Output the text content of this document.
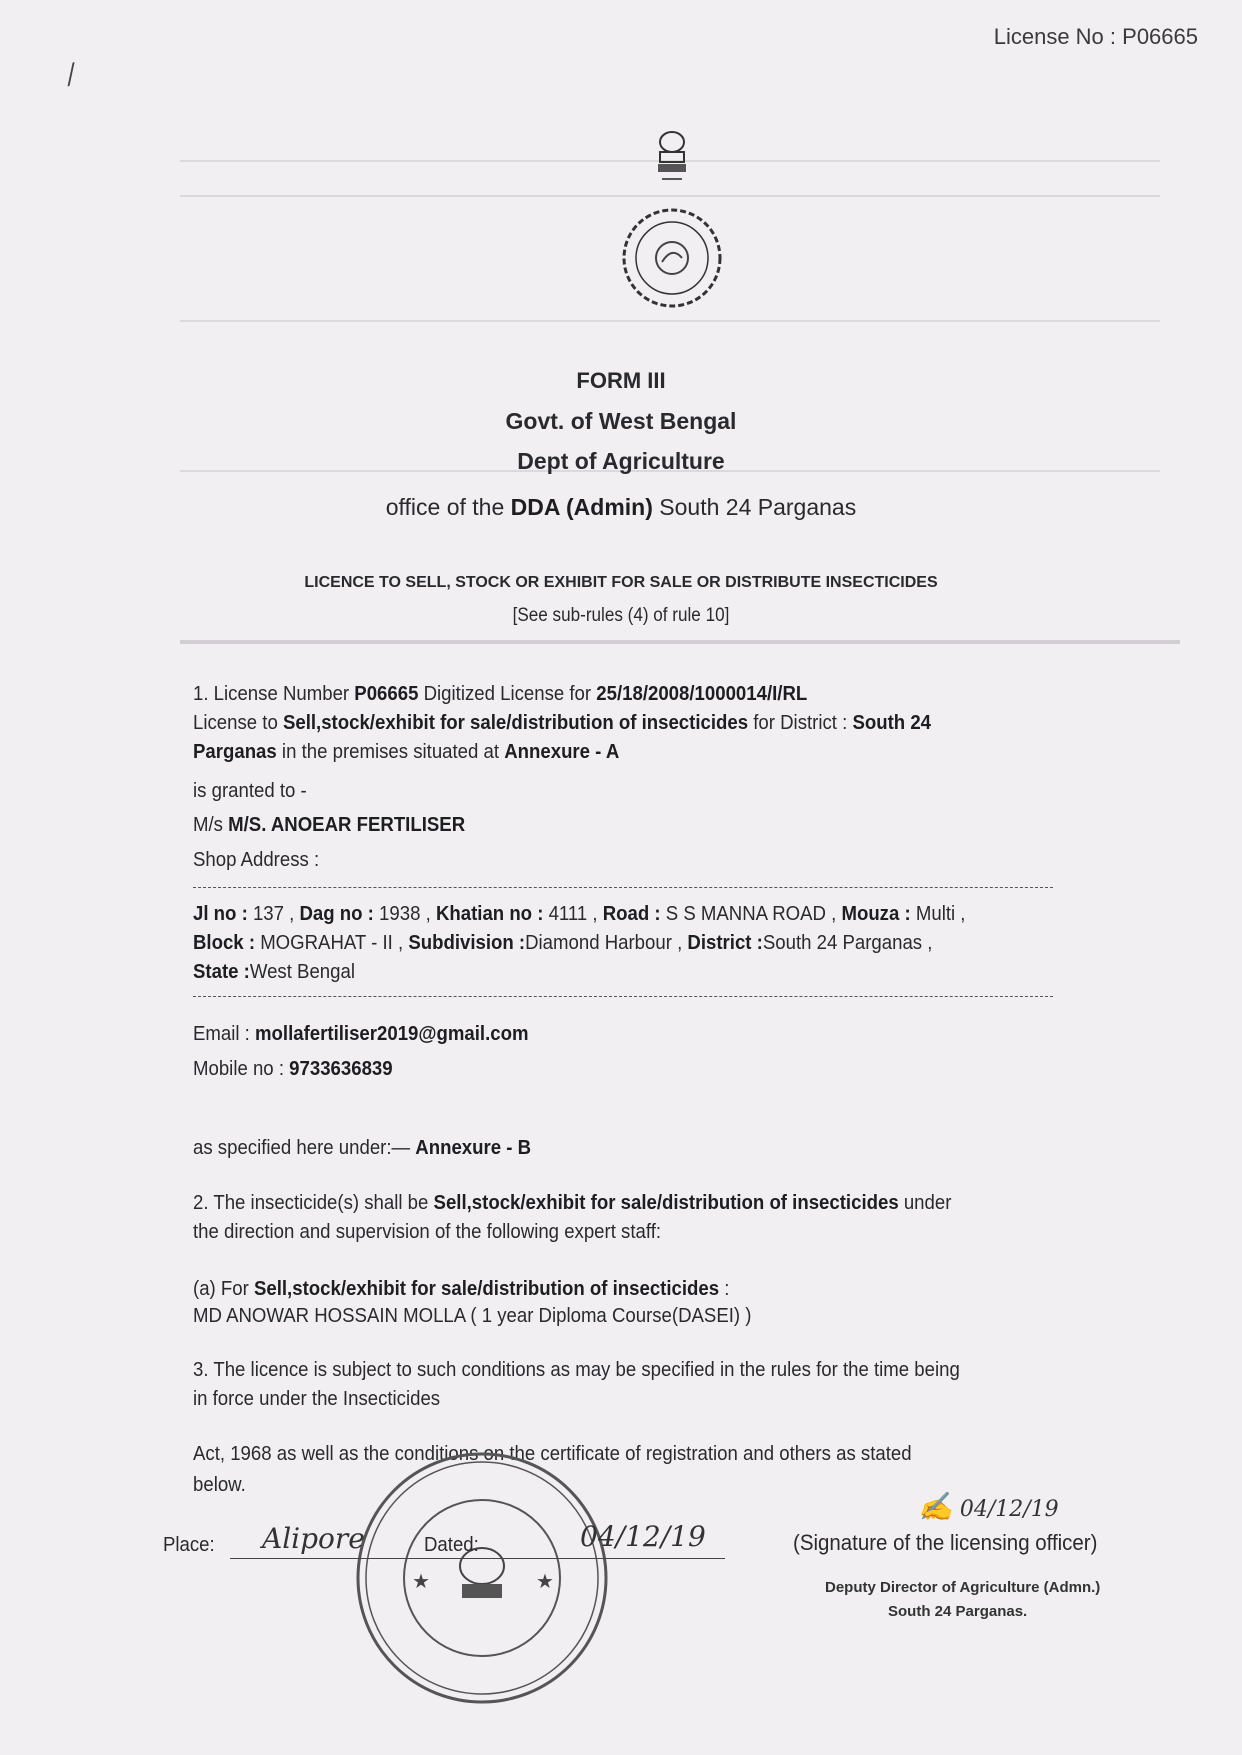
⁄
License No : P06665
FORM III
Govt. of West Bengal
Dept of Agriculture
office of the DDA (Admin) South 24 Parganas
LICENCE TO SELL, STOCK OR EXHIBIT FOR SALE OR DISTRIBUTE INSECTICIDES
[See sub-rules (4) of rule 10]
1. License Number P06665 Digitized License for 25/18/2008/1000014/I/RL
License to Sell,stock/exhibit for sale/distribution of insecticides for District : South 24
Parganas in the premises situated at Annexure - A
is granted to -
M/s M/S. ANOEAR FERTILISER
Shop Address :
Jl no : 137 , Dag no : 1938 , Khatian no : 4111 , Road : S S MANNA ROAD , Mouza : Multi ,
Block : MOGRAHAT - II , Subdivision :Diamond Harbour , District :South 24 Parganas ,
State :West Bengal
Email : mollafertiliser2019@gmail.com
Mobile no : 9733636839
as specified here under:— Annexure - B
2. The insecticide(s) shall be Sell,stock/exhibit for sale/distribution of insecticides under
the direction and supervision of the following expert staff:
(a) For Sell,stock/exhibit for sale/distribution of insecticides :
MD ANOWAR HOSSAIN MOLLA ( 1 year Diploma Course(DASEI) )
3. The licence is subject to such conditions as may be specified in the rules for the time being
in force under the Insecticides
Act, 1968 as well as the conditions on the certificate of registration and others as stated
below.
★	★
Place: Alipore	Dated:	04/12/19
✍ 04/12/19
(Signature of the licensing officer)
Deputy Director of Agriculture (Admn.)
South 24 Parganas.
